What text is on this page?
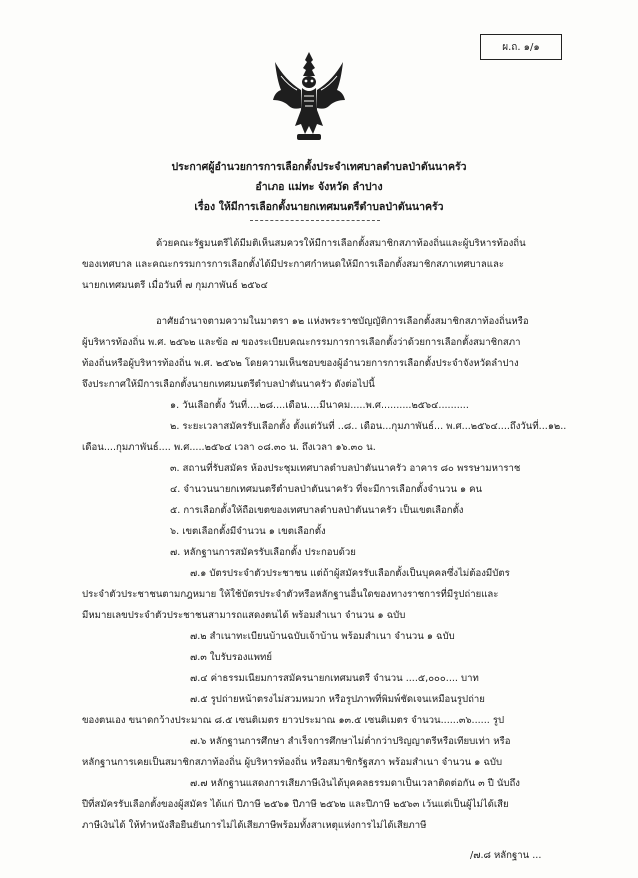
ผ.ถ. ๑/๑
ประกาศผู้อำนวยการการเลือกตั้งประจำเทศบาลตำบลป่าตันนาครัว
อำเภอ แม่ทะ จังหวัด ลำปาง
เรื่อง ให้มีการเลือกตั้งนายกเทศมนตรีตำบลป่าตันนาครัว
ด้วยคณะรัฐมนตรีได้มีมติเห็นสมควรให้มีการเลือกตั้งสมาชิกสภาท้องถิ่นและผู้บริหารท้องถิ่น
ของเทศบาล และคณะกรรมการการเลือกตั้งได้มีประกาศกำหนดให้มีการเลือกตั้งสมาชิกสภาเทศบาลและ
นายกเทศมนตรี เมื่อวันที่ ๗ กุมภาพันธ์ ๒๕๖๔
อาศัยอำนาจตามความในมาตรา ๑๒ แห่งพระราชบัญญัติการเลือกตั้งสมาชิกสภาท้องถิ่นหรือ
ผู้บริหารท้องถิ่น พ.ศ. ๒๕๖๒ และข้อ ๗ ของระเบียบคณะกรรมการการเลือกตั้งว่าด้วยการเลือกตั้งสมาชิกสภา
ท้องถิ่นหรือผู้บริหารท้องถิ่น พ.ศ. ๒๕๖๒ โดยความเห็นชอบของผู้อำนวยการการเลือกตั้งประจำจังหวัดลำปาง
จึงประกาศให้มีการเลือกตั้งนายกเทศมนตรีตำบลป่าตันนาครัว ดังต่อไปนี้
๑. วันเลือกตั้ง วันที่....๒๘....เดือน....มีนาคม.....พ.ศ..........๒๕๖๔..........
๒. ระยะเวลาสมัครรับเลือกตั้ง ตั้งแต่วันที่ ..๘.. เดือน...กุมภาพันธ์... พ.ศ...๒๕๖๔....ถึงวันที่...๑๒..
เดือน....กุมภาพันธ์.... พ.ศ.....๒๕๖๔ เวลา ๐๘.๓๐ น. ถึงเวลา ๑๖.๓๐ น.
๓. สถานที่รับสมัคร ห้องประชุมเทศบาลตำบลป่าตันนาครัว อาคาร ๘๐ พรรษามหาราช
๔. จำนวนนายกเทศมนตรีตำบลป่าตันนาครัว ที่จะมีการเลือกตั้งจำนวน ๑ คน
๕. การเลือกตั้งให้ถือเขตของเทศบาลตำบลป่าตันนาครัว เป็นเขตเลือกตั้ง
๖. เขตเลือกตั้งมีจำนวน ๑ เขตเลือกตั้ง
๗. หลักฐานการสมัครรับเลือกตั้ง ประกอบด้วย
๗.๑ บัตรประจำตัวประชาชน แต่ถ้าผู้สมัครรับเลือกตั้งเป็นบุคคลซึ่งไม่ต้องมีบัตร
ประจำตัวประชาชนตามกฎหมาย ให้ใช้บัตรประจำตัวหรือหลักฐานอื่นใดของทางราชการที่มีรูปถ่ายและ
มีหมายเลขประจำตัวประชาชนสามารถแสดงตนได้ พร้อมสำเนา จำนวน ๑ ฉบับ
๗.๒ สำเนาทะเบียนบ้านฉบับเจ้าบ้าน พร้อมสำเนา จำนวน ๑ ฉบับ
๗.๓ ใบรับรองแพทย์
๗.๔ ค่าธรรมเนียมการสมัครนายกเทศมนตรี จำนวน ....๕,๐๐๐.... บาท
๗.๕ รูปถ่ายหน้าตรงไม่สวมหมวก หรือรูปภาพที่พิมพ์ชัดเจนเหมือนรูปถ่าย
ของตนเอง ขนาดกว้างประมาณ ๘.๕ เซนติเมตร ยาวประมาณ ๑๓.๕ เซนติเมตร จำนวน......๓๖...... รูป
๗.๖ หลักฐานการศึกษา สำเร็จการศึกษาไม่ต่ำกว่าปริญญาตรีหรือเทียบเท่า หรือ
หลักฐานการเคยเป็นสมาชิกสภาท้องถิ่น ผู้บริหารท้องถิ่น หรือสมาชิกรัฐสภา พร้อมสำเนา จำนวน ๑ ฉบับ
๗.๗ หลักฐานแสดงการเสียภาษีเงินได้บุคคลธรรมดาเป็นเวลาติดต่อกัน ๓ ปี นับถึง
ปีที่สมัครรับเลือกตั้งของผู้สมัคร ได้แก่ ปีภาษี ๒๕๖๑ ปีภาษี ๒๕๖๒ และปีภาษี ๒๕๖๓ เว้นแต่เป็นผู้ไม่ได้เสีย
ภาษีเงินได้ ให้ทำหนังสือยืนยันการไม่ได้เสียภาษีพร้อมทั้งสาเหตุแห่งการไม่ได้เสียภาษี
/๗.๘ หลักฐาน ...
